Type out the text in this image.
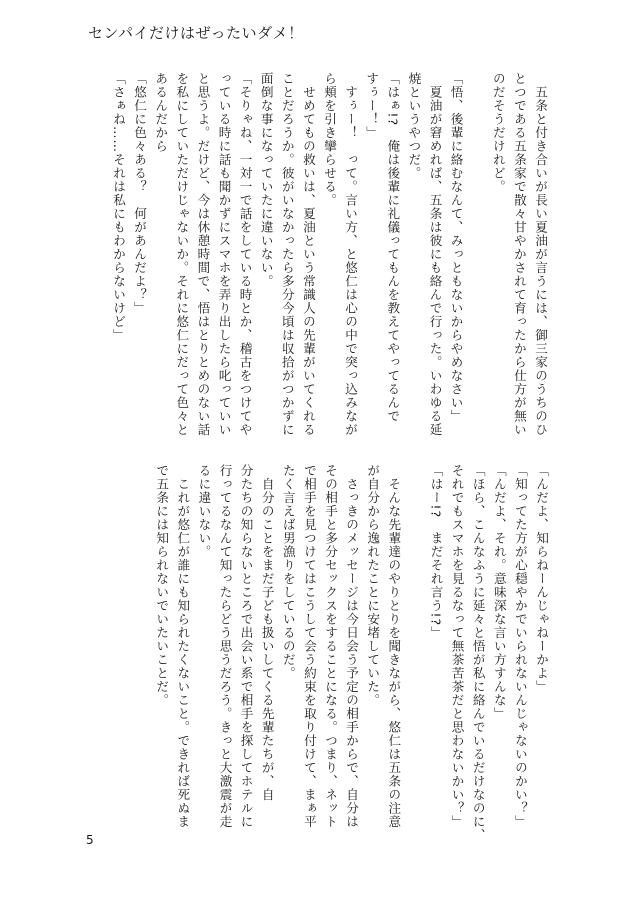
センパイだけはぜったいダメ！
　五条と付き合いが長い夏油が言うには、御三家のうちのひ
とつである五条家で散々甘やかされて育ったから仕方が無い
のだそうだけれど。
「悟、後輩に絡むなんて、みっともないからやめなさい」
　夏油が窘めれば、五条は彼にも絡んで行った。いわゆる延
焼というやつだ。
「はぁ!?　俺は後輩に礼儀ってもんを教えてやってるんで
すぅー！」
　すぅー！　って。言い方、と悠仁は心の中で突っ込みなが
ら頬を引き攣らせる。
　せめてもの救いは、夏油という常識人の先輩がいてくれる
ことだろうか。彼がいなかったら多分今頃は収拾がつかずに
面倒な事になっていたに違いない。
「そりゃね、一対一で話をしている時とか、稽古をつけてや
っている時に話も聞かずにスマホを弄り出したら叱っていい
と思うよ。だけど、今は休憩時間で、悟はとりとめのない話
を私にしていただけじゃないか。それに悠仁にだって色々と
あるんだから
「悠仁に色々ある？　何があんだよ？」
「さぁね……それは私にもわからないけど」
「んだよ、知らねーんじゃねーかよ」
「知ってた方が心穏やかでいられないんじゃないのかい？」
「んだよ、それ。意味深な言い方すんな」
「ほら、こんなふうに延々と悟が私に絡んでいるだけなのに、
それでもスマホを見るなって無茶苦茶だと思わないかい？」
「はー!?　まだそれ言う!?」
　そんな先輩達のやりとりを聞きながら、悠仁は五条の注意
が自分から逸れたことに安堵していた。
　さっきのメッセージは今日会う予定の相手からで、自分は
その相手と多分セックスをすることになる。つまり、ネット
で相手を見つけてはこうして会う約束を取り付けて、まぁ平
たく言えば男漁りをしているのだ。
　自分のことをまだ子ども扱いしてくる先輩たちが、自
分たちの知らないところで出会い系で相手を探してホテルに
行ってるなんて知ったらどう思うだろう。きっと大激震が走
るに違いない。
　これが悠仁が誰にも知られたくないこと。できれば死ぬま
で五条には知られないでいたいことだ。
5
